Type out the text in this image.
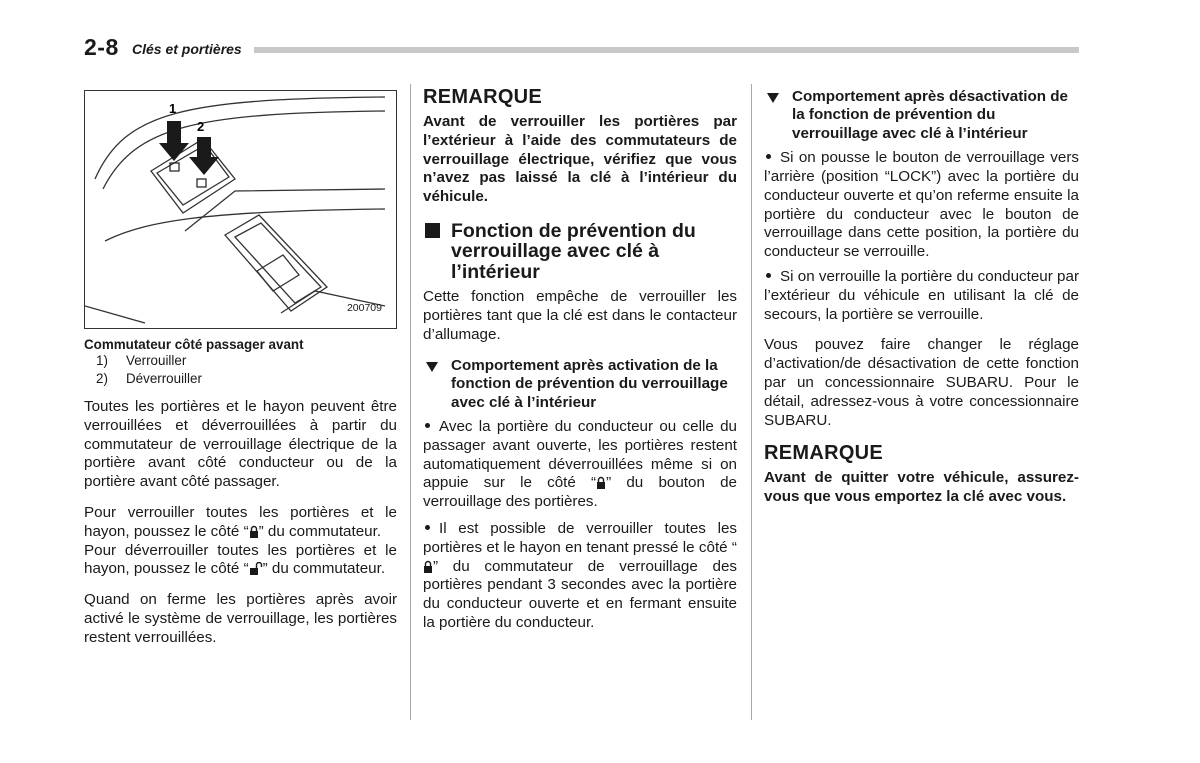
2-8 Clés et portières
1
2
200709
Commutateur côté passager avant
1) Verrouiller
2) Déverrouiller

Toutes les portières et le hayon peuvent être verrouillées et déverrouillées à partir du commutateur de verrouillage électrique de la portière avant côté conducteur ou de la portière avant côté passager.

Pour verrouiller toutes les portières et le hayon, poussez le côté “ ” du commutateur.

Pour déverrouiller toutes les portières et le hayon, poussez le côté “ ” du commutateur.

Quand on ferme les portières après avoir activé le système de verrouillage, les portières restent verrouillées.

REMARQUE

Avant de verrouiller les portières par l’extérieur à l’aide des commutateurs de verrouillage électrique, vérifiez que vous n’avez pas laissé la clé à l’intérieur du véhicule.

Fonction de prévention du verrouillage avec clé à l’intérieur

Cette fonction empêche de verrouiller les portières tant que la clé est dans le contacteur d’allumage.

Comportement après activation de la fonction de prévention du verrouillage avec clé à l’intérieur

Avec la portière du conducteur ou celle du passager avant ouverte, les portières restent automatiquement déverrouillées même si on appuie sur le côté “ ” du bouton de verrouillage des portières.

Il est possible de verrouiller toutes les portières et le hayon en tenant pressé le côté “” du commutateur de verrouillage des portières pendant 3 secondes avec la portière du conducteur ouverte et en fermant ensuite la portière du conducteur.

Comportement après désactivation de la fonction de prévention du verrouillage avec clé à l’intérieur

Si on pousse le bouton de verrouillage vers l’arrière (position “LOCK”) avec la portière du conducteur ouverte et qu’on referme ensuite la portière du conducteur avec le bouton de verrouillage dans cette position, la portière du conducteur se verrouille.

Si on verrouille la portière du conducteur par l’extérieur du véhicule en utilisant la clé de secours, la portière se verrouille.

Vous pouvez faire changer le réglage d’activation/de désactivation de cette fonction par un concessionnaire SUBARU. Pour le détail, adressez-vous à votre concessionnaire SUBARU.

REMARQUE

Avant de quitter votre véhicule, assurez-vous que vous emportez la clé avec vous.
